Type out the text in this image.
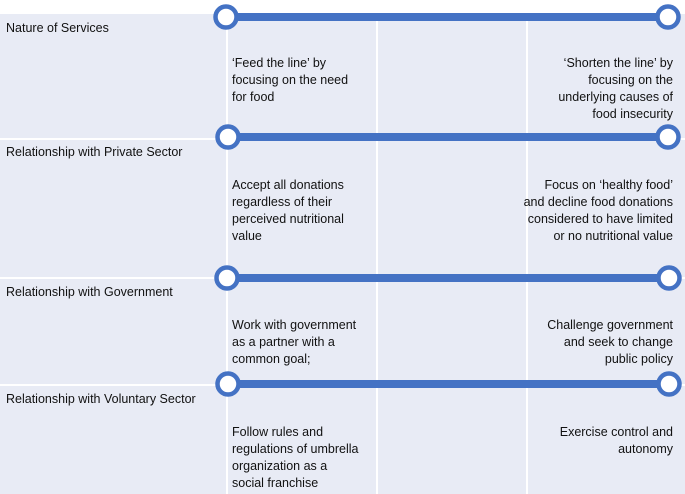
Nature of Services
Relationship with Private Sector
Relationship with Government
Relationship with Voluntary Sector
‘Feed the line’ by focusing on the need for food
‘Shorten the line’ by focusing on the underlying causes of food insecurity
Accept all donations regardless of their perceived nutritional value
Focus on ‘healthy food’ and decline food donations considered to have limited or no nutritional value
Work with government as a partner with a common goal;
Challenge government and seek to change public policy
Follow rules and regulations of umbrella organization as a social franchise
Exercise control and autonomy
